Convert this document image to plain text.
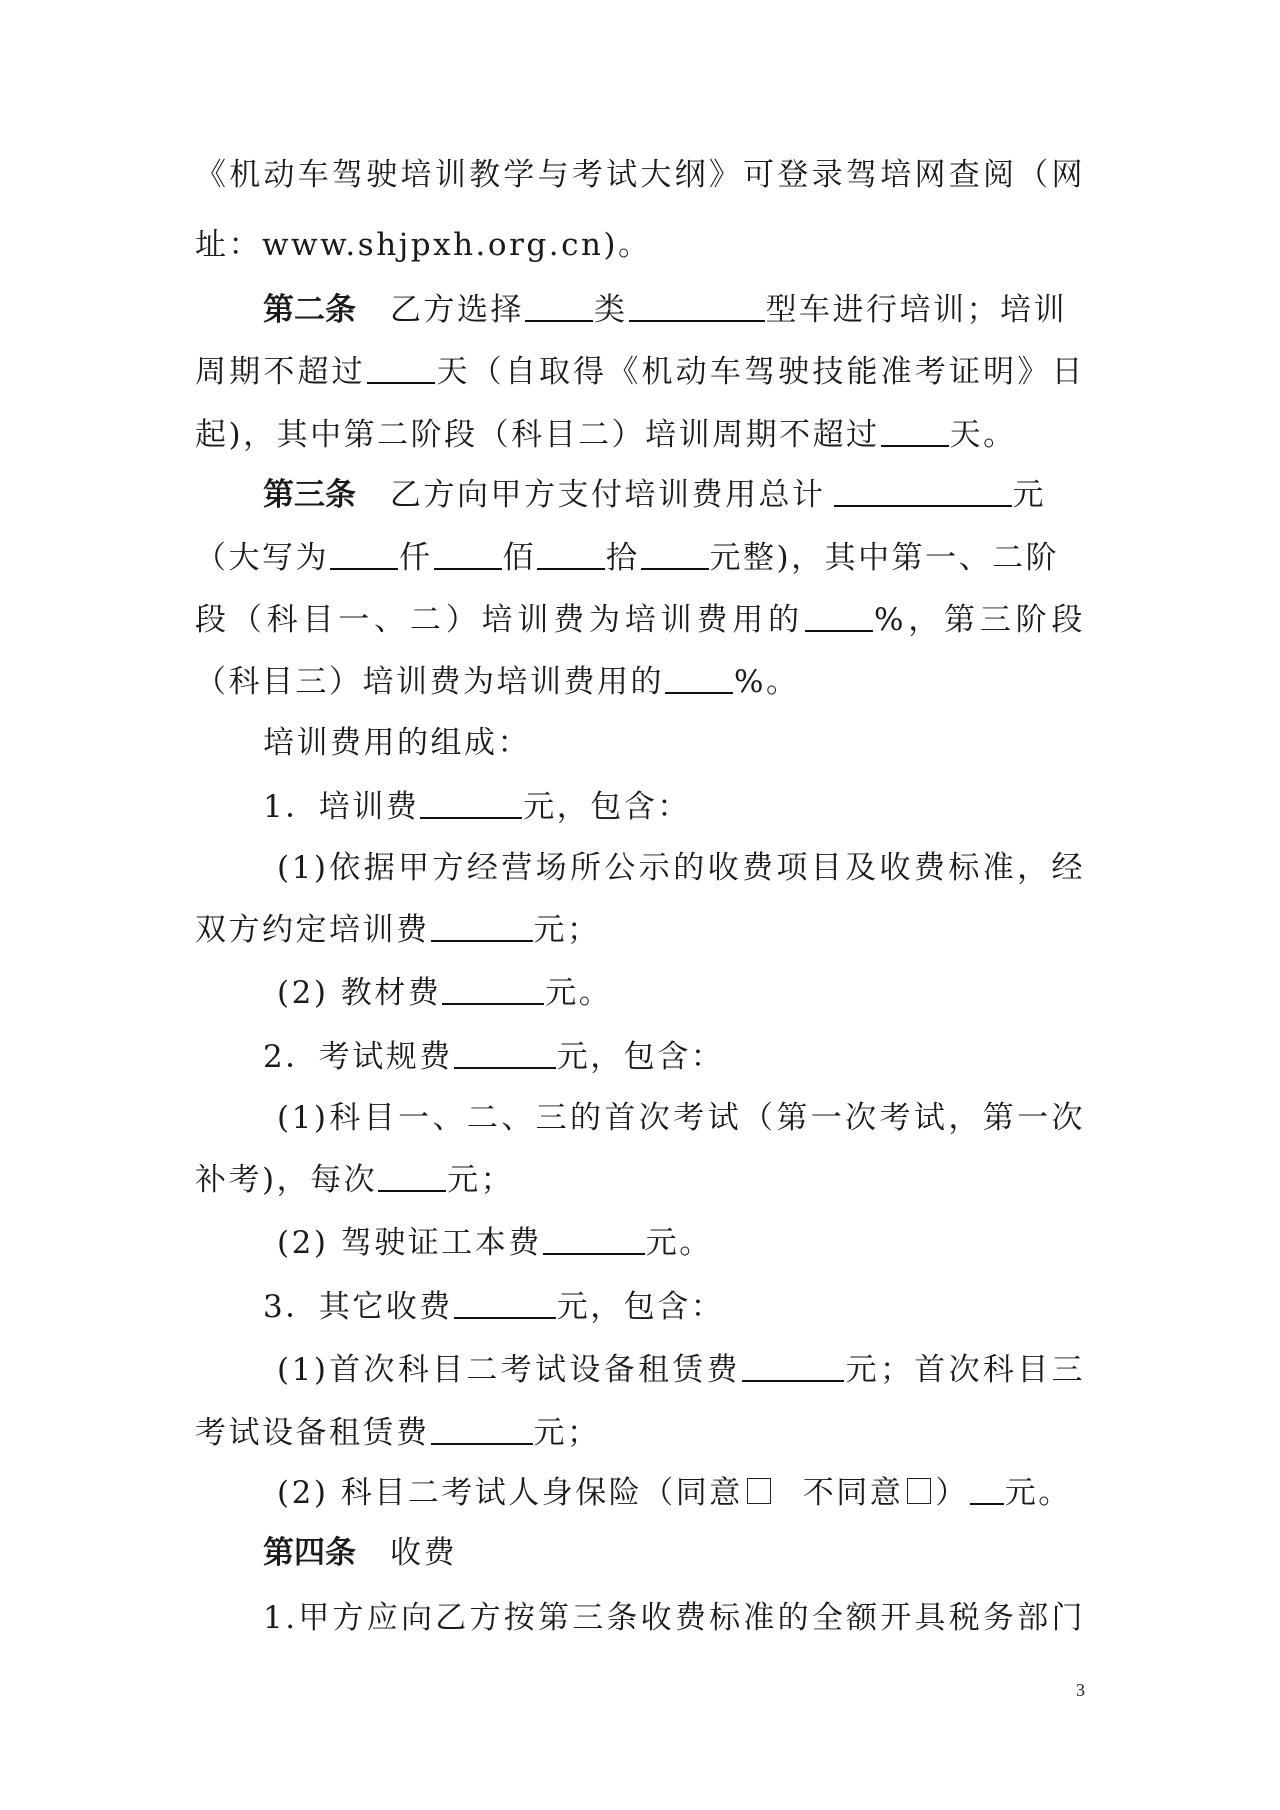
《机动车驾驶培训教学与考试大纲》可登录驾培网查阅（网
址：www.shjpxh.org.cn)。
第二条 乙方选择 类	型车进行培训；培训
周期不超过 天（自取得《机动车驾驶技能准考证明》日
起)，其中第二阶段（科目二）培训周期不超过 天。
第三条 乙方向甲方支付培训费用总计	元
（大写为 仟 佰 拾 元整)，其中第一、二阶
段（科目一、二）培训费为培训费用的 %，第三阶段
（科目三）培训费为培训费用的 %。
培训费用的组成：
1．培训费	元，包含：
(1)依据甲方经营场所公示的收费项目及收费标准，经
双方约定培训费	元；
(2) 教材费	元。
2．考试规费	元，包含：
(1)科目一、二、三的首次考试（第一次考试，第一次
补考)，每次 元；
(2) 驾驶证工本费	元。
3．其它收费	元，包含：
(1)首次科目二考试设备租赁费	元；首次科目三
考试设备租赁费	元；
(2) 科目二考试人身保险（同意 不同意 ） 元。
第四条 收费
1.甲方应向乙方按第三条收费标准的全额开具税务部门
3
